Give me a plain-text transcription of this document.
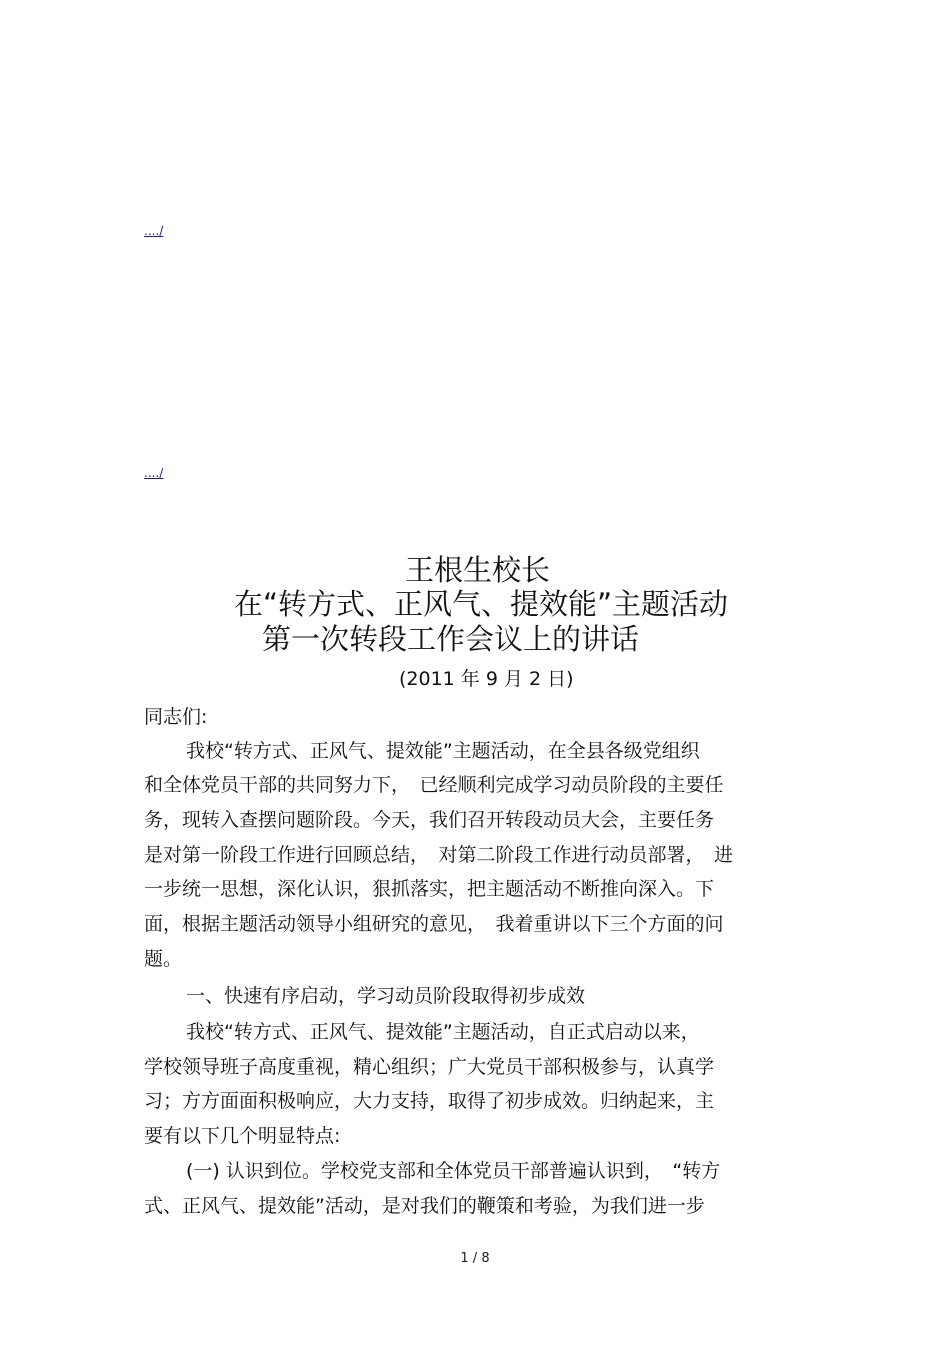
..../
..../
王根生校长
在“转方式、正风气、提效能”主题活动
第一次转段工作会议上的讲话
(2011 年 9 月 2 日)
同志们:
我校“转方式、正风气、提效能”主题活动，在全县各级党组织
和全体党员干部的共同努力下，　已经顺利完成学习动员阶段的主要任
务，现转入查摆问题阶段。今天，我们召开转段动员大会，主要任务
是对第一阶段工作进行回顾总结，　对第二阶段工作进行动员部署，　进
一步统一思想，深化认识，狠抓落实，把主题活动不断推向深入。下
面，根据主题活动领导小组研究的意见，　我着重讲以下三个方面的问
题。
一、快速有序启动，学习动员阶段取得初步成效
我校“转方式、正风气、提效能”主题活动，自正式启动以来，
学校领导班子高度重视，精心组织；广大党员干部积极参与，认真学
习；方方面面积极响应，大力支持，取得了初步成效。归纳起来，主
要有以下几个明显特点:
(一) 认识到位。学校党支部和全体党员干部普遍认识到，　“转方
式、正风气、提效能”活动，是对我们的鞭策和考验，为我们进一步
1 / 8
